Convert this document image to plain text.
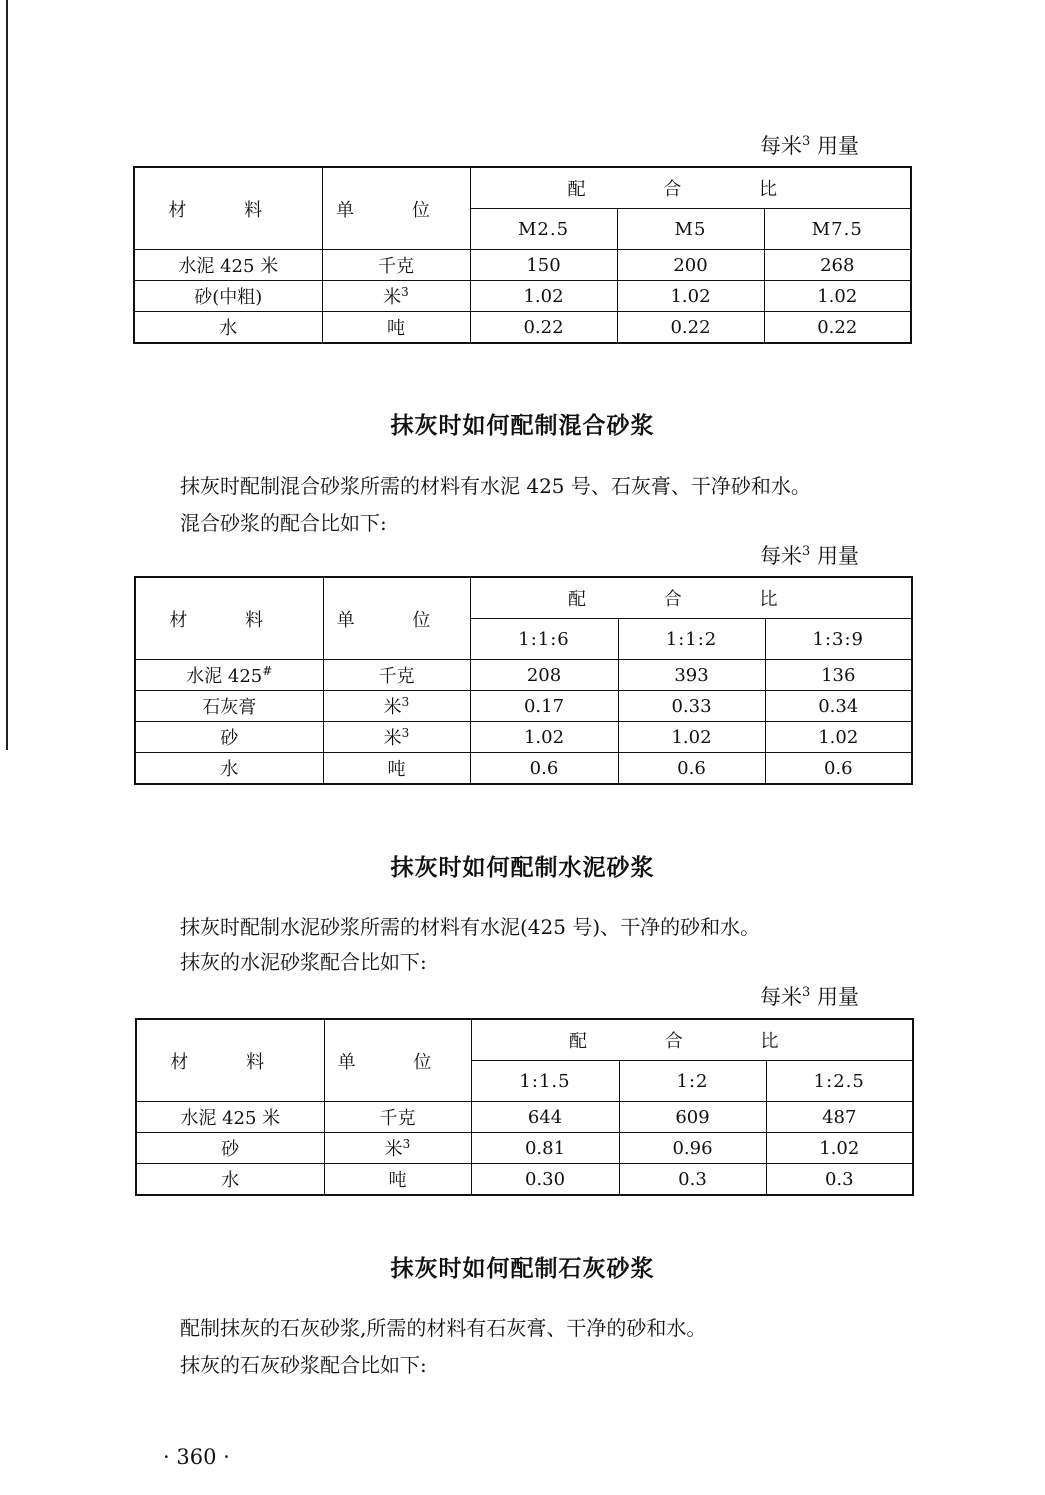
每米$^3$ 用量
材 料	单 位	配 合 比		
		M2.5	M5	M7.5
水泥 425 米	千克	150	200	268
砂(中粗)	米$^3$	1.02	1.02	1.02
水	吨	0.22	0.22	0.22
抹灰时如何配制混合砂浆
抹灰时配制混合砂浆所需的材料有水泥 425 号、石灰膏、干净砂和水。
混合砂浆的配合比如下:
每米$^3$ 用量
材 料	单 位	配 合 比		
		1:1:6	1:1:2	1:3:9
水泥 425#	千克	208	393	136
石灰膏	米$^3$	0.17	0.33	0.34
砂	米$^3$	1.02	1.02	1.02
水	吨	0.6	0.6	0.6
抹灰时如何配制水泥砂浆
抹灰时配制水泥砂浆所需的材料有水泥(425 号)、干净的砂和水。
抹灰的水泥砂浆配合比如下:
每米$^3$ 用量
材 料	单 位	配 合 比		
		1:1.5	1:2	1:2.5
水泥 425 米	千克	644	609	487
砂	米$^3$	0.81	0.96	1.02
水	吨	0.30	0.3	0.3
抹灰时如何配制石灰砂浆
配制抹灰的石灰砂浆,所需的材料有石灰膏、干净的砂和水。
抹灰的石灰砂浆配合比如下:
· 360 ·
